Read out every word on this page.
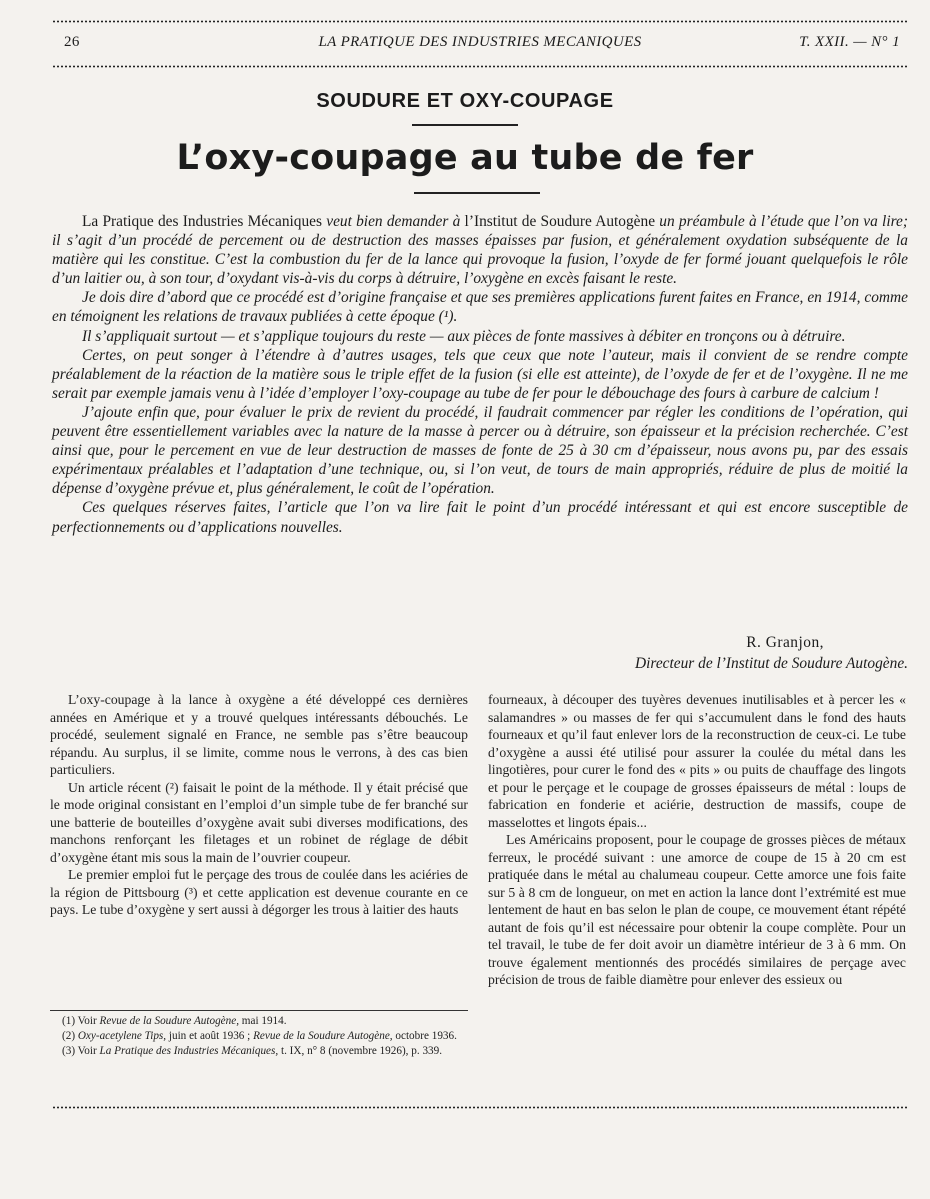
26	LA PRATIQUE DES INDUSTRIES MECANIQUES	T. XXII. — N° 1
SOUDURE ET OXY-COUPAGE
L’oxy-coupage au tube de fer

La Pratique des Industries Mécaniques veut bien demander à l’Institut de Soudure Autogène un préambule à l’étude que l’on va lire; il s’agit d’un procédé de percement ou de destruction des masses épaisses par fusion, et généralement oxydation subséquente de la matière qui les constitue. C’est la combustion du fer de la lance qui provoque la fusion, l’oxyde de fer formé jouant quelquefois le rôle d’un laitier ou, à son tour, d’oxydant vis-à-vis du corps à détruire, l’oxygène en excès faisant le reste.

Je dois dire d’abord que ce procédé est d’origine française et que ses premières applications furent faites en France, en 1914, comme en témoignent les relations de travaux publiées à cette époque (¹).

Il s’appliquait surtout — et s’applique toujours du reste — aux pièces de fonte massives à débiter en tronçons ou à détruire.

Certes, on peut songer à l’étendre à d’autres usages, tels que ceux que note l’auteur, mais il convient de se rendre compte préalablement de la réaction de la matière sous le triple effet de la fusion (si elle est atteinte), de l’oxyde de fer et de l’oxygène. Il ne me serait par exemple jamais venu à l’idée d’employer l’oxy-coupage au tube de fer pour le débouchage des fours à carbure de calcium !

J’ajoute enfin que, pour évaluer le prix de revient du procédé, il faudrait commencer par régler les conditions de l’opération, qui peuvent être essentiellement variables avec la nature de la masse à percer ou à détruire, son épaisseur et la précision recherchée. C’est ainsi que, pour le percement en vue de leur destruction de masses de fonte de 25 à 30 cm d’épaisseur, nous avons pu, par des essais expérimentaux préalables et l’adaptation d’une technique, ou, si l’on veut, de tours de main appropriés, réduire de plus de moitié la dépense d’oxygène prévue et, plus généralement, le coût de l’opération.

Ces quelques réserves faites, l’article que l’on va lire fait le point d’un procédé intéressant et qui est encore susceptible de perfectionnements ou d’applications nouvelles.

R. Granjon,
Directeur de l’Institut de Soudure Autogène.

L’oxy-coupage à la lance à oxygène a été développé ces dernières années en Amérique et y a trouvé quelques intéressants débouchés. Le procédé, seulement signalé en France, ne semble pas s’être beaucoup répandu. Au surplus, il se limite, comme nous le verrons, à des cas bien particuliers.

Un article récent (²) faisait le point de la méthode. Il y était précisé que le mode original consistant en l’emploi d’un simple tube de fer branché sur une batterie de bouteilles d’oxygène avait subi diverses modifications, des manchons renforçant les filetages et un robinet de réglage de débit d’oxygène étant mis sous la main de l’ouvrier coupeur.

Le premier emploi fut le perçage des trous de coulée dans les aciéries de la région de Pittsbourg (³) et cette application est devenue courante en ce pays. Le tube d’oxygène y sert aussi à dégorger les trous à laitier des hauts

fourneaux, à découper des tuyères devenues inutilisables et à percer les « salamandres » ou masses de fer qui s’accumulent dans le fond des hauts fourneaux et qu’il faut enlever lors de la reconstruction de ceux-ci. Le tube d’oxygène a aussi été utilisé pour assurer la coulée du métal dans les lingotières, pour curer le fond des « pits » ou puits de chauffage des lingots et pour le perçage et le coupage de grosses épaisseurs de métal : loups de fabrication en fonderie et aciérie, destruction de massifs, coupe de masselottes et lingots épais...

Les Américains proposent, pour le coupage de grosses pièces de métaux ferreux, le procédé suivant : une amorce de coupe de 15 à 20 cm est pratiquée dans le métal au chalumeau coupeur. Cette amorce une fois faite sur 5 à 8 cm de longueur, on met en action la lance dont l’extrémité est mue lentement de haut en bas selon le plan de coupe, ce mouvement étant répété autant de fois qu’il est nécessaire pour obtenir la coupe complète. Pour un tel travail, le tube de fer doit avoir un diamètre intérieur de 3 à 6 mm. On trouve également mentionnés des procédés similaires de perçage avec précision de trous de faible diamètre pour enlever des essieux ou

(1) Voir Revue de la Soudure Autogène, mai 1914.

(2) Oxy-acetylene Tips, juin et août 1936 ; Revue de la Soudure Autogène, octobre 1936.

(3) Voir La Pratique des Industries Mécaniques, t. IX, n° 8 (novembre 1926), p. 339.
